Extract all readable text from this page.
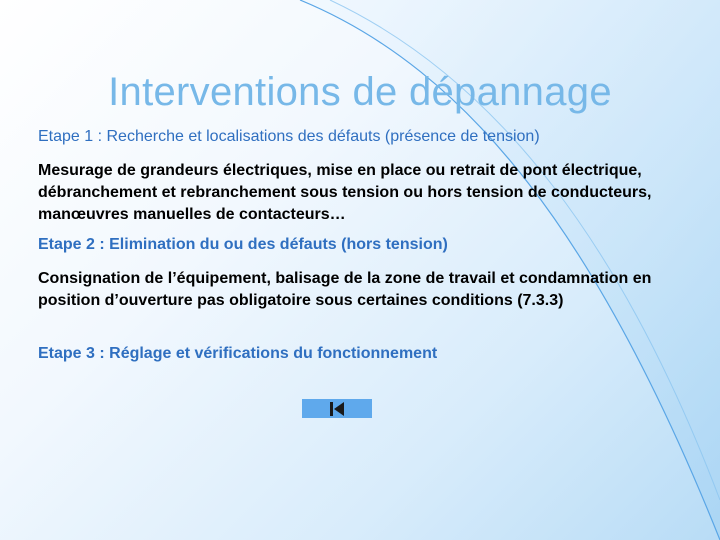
Interventions de dépannage

Etape 1 : Recherche et localisations des défauts (présence de tension)

Mesurage de grandeurs électriques, mise en place ou retrait de pont électrique, débranchement et rebranchement sous tension ou hors tension de conducteurs, manœuvres manuelles de contacteurs…

Etape 2 : Elimination du ou des défauts (hors tension)

Consignation de l’équipement, balisage de la zone de travail et condamnation en position d’ouverture pas obligatoire sous certaines conditions (7.3.3)

Etape 3 : Réglage et vérifications du fonctionnement
